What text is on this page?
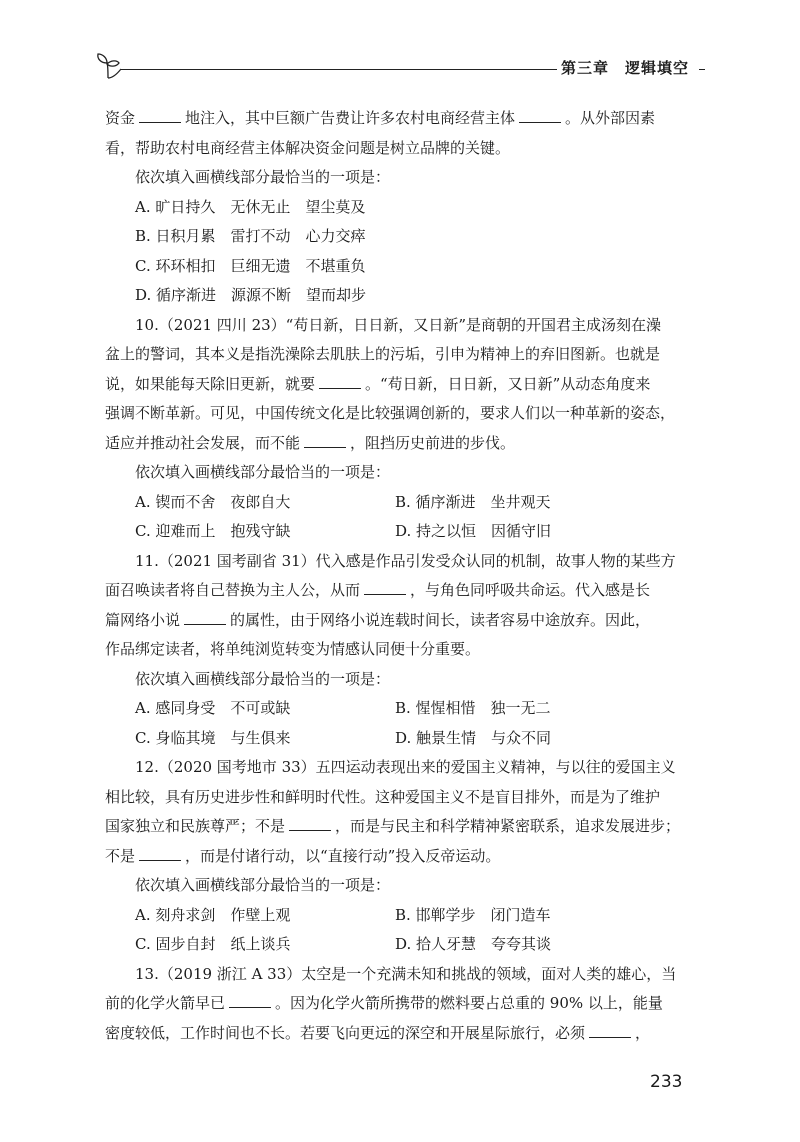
第三章　逻辑填空

资金	地注入，其中巨额广告费让许多农村电商经营主体	。从外部因素

看，帮助农村电商经营主体解决资金问题是树立品牌的关键。

依次填入画横线部分最恰当的一项是：

A. 旷日持久　无休无止　望尘莫及

B. 日积月累　雷打不动　心力交瘁

C. 环环相扣　巨细无遗　不堪重负

D. 循序渐进　源源不断　望而却步

10.（2021 四川 23）“苟日新，日日新，又日新”是商朝的开国君主成汤刻在澡

盆上的警词，其本义是指洗澡除去肌肤上的污垢，引申为精神上的弃旧图新。也就是

说，如果能每天除旧更新，就要	。“苟日新，日日新，又日新”从动态角度来

强调不断革新。可见，中国传统文化是比较强调创新的，要求人们以一种革新的姿态，

适应并推动社会发展，而不能	，阻挡历史前进的步伐。

依次填入画横线部分最恰当的一项是：

A. 锲而不舍　夜郎自大	B. 循序渐进　坐井观天

C. 迎难而上　抱残守缺	D. 持之以恒　因循守旧

11.（2021 国考副省 31）代入感是作品引发受众认同的机制，故事人物的某些方

面召唤读者将自己替换为主人公，从而	，与角色同呼吸共命运。代入感是长

篇网络小说	的属性，由于网络小说连载时间长，读者容易中途放弃。因此，

作品绑定读者，将单纯浏览转变为情感认同便十分重要。

依次填入画横线部分最恰当的一项是：

A. 感同身受　不可或缺	B. 惺惺相惜　独一无二

C. 身临其境　与生俱来	D. 触景生情　与众不同

12.（2020 国考地市 33）五四运动表现出来的爱国主义精神，与以往的爱国主义

相比较，具有历史进步性和鲜明时代性。这种爱国主义不是盲目排外，而是为了维护

国家独立和民族尊严；不是	，而是与民主和科学精神紧密联系，追求发展进步；

不是	，而是付诸行动，以“直接行动”投入反帝运动。

依次填入画横线部分最恰当的一项是：

A. 刻舟求剑　作壁上观	B. 邯郸学步　闭门造车

C. 固步自封　纸上谈兵	D. 拾人牙慧　夸夸其谈

13.（2019 浙江 A 33）太空是一个充满未知和挑战的领域，面对人类的雄心，当

前的化学火箭早已	。因为化学火箭所携带的燃料要占总重的 90% 以上，能量

密度较低，工作时间也不长。若要飞向更远的深空和开展星际旅行，必须	，

233
